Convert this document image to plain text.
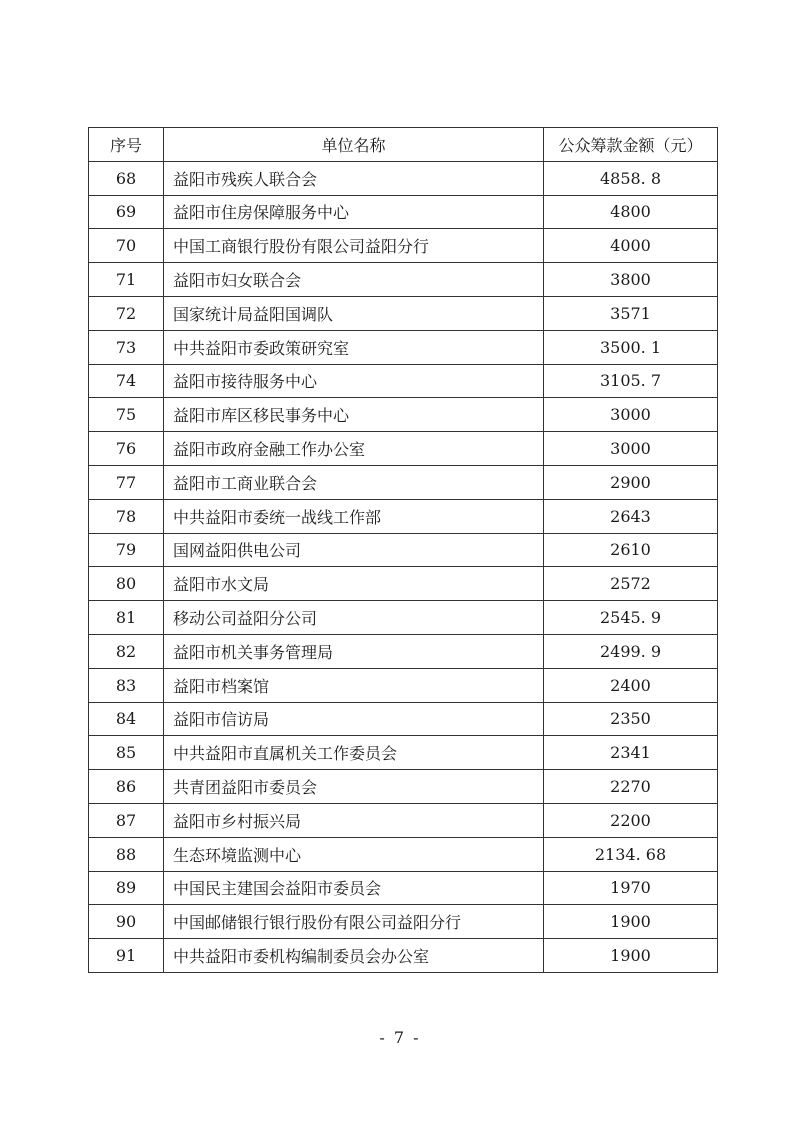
序号	单位名称	公众筹款金额（元）
68	益阳市残疾人联合会	4858. 8
69	益阳市住房保障服务中心	4800
70	中国工商银行股份有限公司益阳分行	4000
71	益阳市妇女联合会	3800
72	国家统计局益阳国调队	3571
73	中共益阳市委政策研究室	3500. 1
74	益阳市接待服务中心	3105. 7
75	益阳市库区移民事务中心	3000
76	益阳市政府金融工作办公室	3000
77	益阳市工商业联合会	2900
78	中共益阳市委统一战线工作部	2643
79	国网益阳供电公司	2610
80	益阳市水文局	2572
81	移动公司益阳分公司	2545. 9
82	益阳市机关事务管理局	2499. 9
83	益阳市档案馆	2400
84	益阳市信访局	2350
85	中共益阳市直属机关工作委员会	2341
86	共青团益阳市委员会	2270
87	益阳市乡村振兴局	2200
88	生态环境监测中心	2134. 68
89	中国民主建国会益阳市委员会	1970
90	中国邮储银行银行股份有限公司益阳分行	1900
91	中共益阳市委机构编制委员会办公室	1900
- 7 -
